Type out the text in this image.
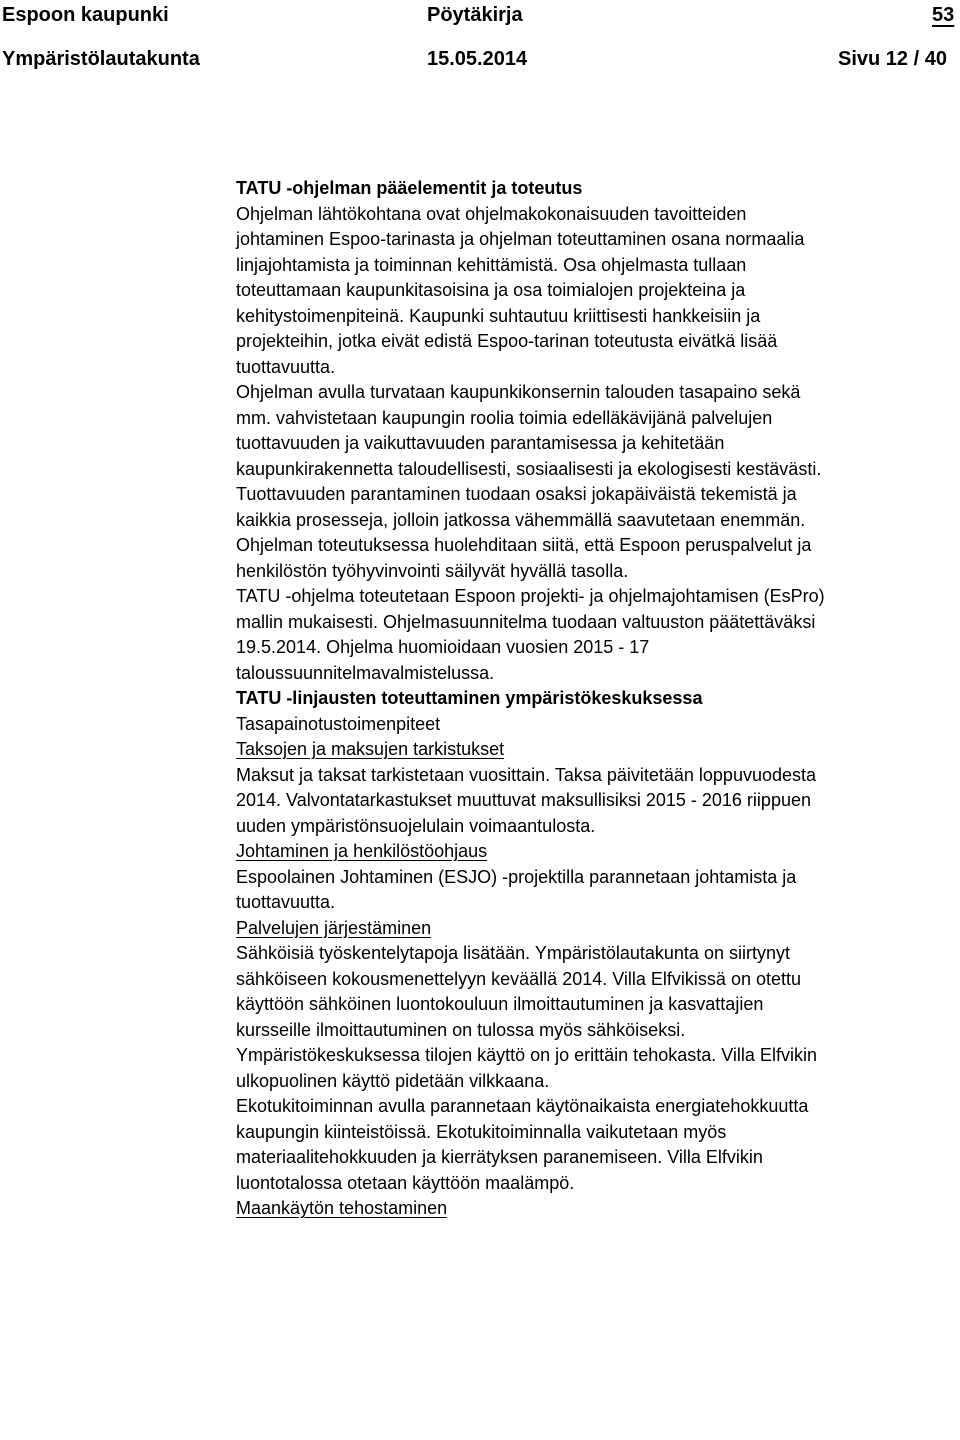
Espoon kaupunki	Pöytäkirja	53
Ympäristölautakunta	15.05.2014	Sivu 12 / 40

TATU -ohjelman pääelementit ja toteutus

Ohjelman lähtökohtana ovat ohjelmakokonaisuuden tavoitteiden
johtaminen Espoo-tarinasta ja ohjelman toteuttaminen osana normaalia
linjajohtamista ja toiminnan kehittämistä. Osa ohjelmasta tullaan
toteuttamaan kaupunkitasoisina ja osa toimialojen projekteina ja
kehitystoimenpiteinä. Kaupunki suhtautuu kriittisesti hankkeisiin ja
projekteihin, jotka eivät edistä Espoo-tarinan toteutusta eivätkä lisää
tuottavuutta.

Ohjelman avulla turvataan kaupunkikonsernin talouden tasapaino sekä
mm. vahvistetaan kaupungin roolia toimia edelläkävijänä palvelujen
tuottavuuden ja vaikuttavuuden parantamisessa ja kehitetään
kaupunkirakennetta taloudellisesti, sosiaalisesti ja ekologisesti kestävästi.
Tuottavuuden parantaminen tuodaan osaksi jokapäiväistä tekemistä ja
kaikkia prosesseja, jolloin jatkossa vähemmällä saavutetaan enemmän.
Ohjelman toteutuksessa huolehditaan siitä, että Espoon peruspalvelut ja
henkilöstön työhyvinvointi säilyvät hyvällä tasolla.

TATU -ohjelma toteutetaan Espoon projekti- ja ohjelmajohtamisen (EsPro)
mallin mukaisesti. Ohjelmasuunnitelma tuodaan valtuuston päätettäväksi
19.5.2014. Ohjelma huomioidaan vuosien 2015 - 17
taloussuunnitelmavalmistelussa.

TATU -linjausten toteuttaminen ympäristökeskuksessa

Tasapainotustoimenpiteet

Taksojen ja maksujen tarkistukset

Maksut ja taksat tarkistetaan vuosittain. Taksa päivitetään loppuvuodesta
2014. Valvontatarkastukset muuttuvat maksullisiksi 2015 - 2016 riippuen
uuden ympäristönsuojelulain voimaantulosta.

Johtaminen ja henkilöstöohjaus

Espoolainen Johtaminen (ESJO) -projektilla parannetaan johtamista ja
tuottavuutta.

Palvelujen järjestäminen

Sähköisiä työskentelytapoja lisätään. Ympäristölautakunta on siirtynyt
sähköiseen kokousmenettelyyn keväällä 2014. Villa Elfvikissä on otettu
käyttöön sähköinen luontokouluun ilmoittautuminen ja kasvattajien
kursseille ilmoittautuminen on tulossa myös sähköiseksi.

Ympäristökeskuksessa tilojen käyttö on jo erittäin tehokasta. Villa Elfvikin
ulkopuolinen käyttö pidetään vilkkaana.

Ekotukitoiminnan avulla parannetaan käytönaikaista energiatehokkuutta
kaupungin kiinteistöissä. Ekotukitoiminnalla vaikutetaan myös
materiaalitehokkuuden ja kierrätyksen paranemiseen. Villa Elfvikin
luontotalossa otetaan käyttöön maalämpö.

Maankäytön tehostaminen
